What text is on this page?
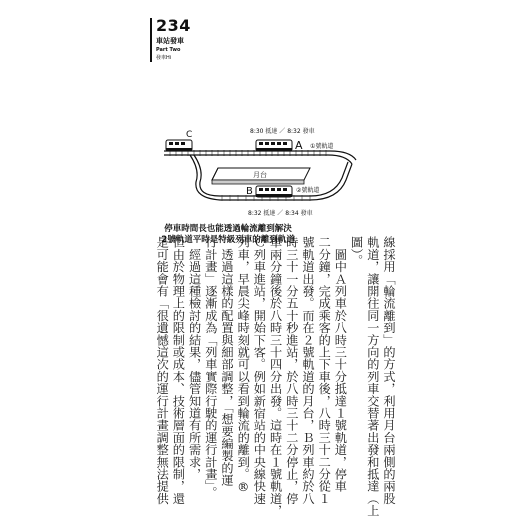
234
車站發車
Part Two
發車Hi
月台
C
A ①號軌道
8:30 抵達 ／ 8:32 發車
B	②號軌道
8:32 抵達 ／ 8:34 發車
停車時間長也能透過輪流離到解決
2號軌道平時是特級列車的離到軌道	線採用「輪流離到」的方式，利用月台兩側的兩股
軌道，讓開往同一方向的列車交替著出發和抵達（上
圖）。
　圖中Ａ列車於八時三十分抵達１號軌道，停車
二分鐘，完成乘客的上下車後，八時三十二分從１
號軌道出發。而在２號軌道的月台，Ｂ列車約於八
時三十一分五十秒進站，於八時三十二分停止，停
車兩分鐘後於八時三十四分出發。這時在１號軌道，
Ｃ列車進站，開始下客。例如新宿站的中央線快速
列車，早晨尖峰時刻就可以看到輪流的離到。®
　透過這樣的配置與細部調整，「想要編製的運
行計畫」逐漸成為「列車實際行駛的運行計畫」。
　經過這種檢討的結果，儘管知道有所需求，
但由於物理上的限制或成本、技術層面的限制，還
是可能會有「很遺憾這次的運行計畫調整無法提供
